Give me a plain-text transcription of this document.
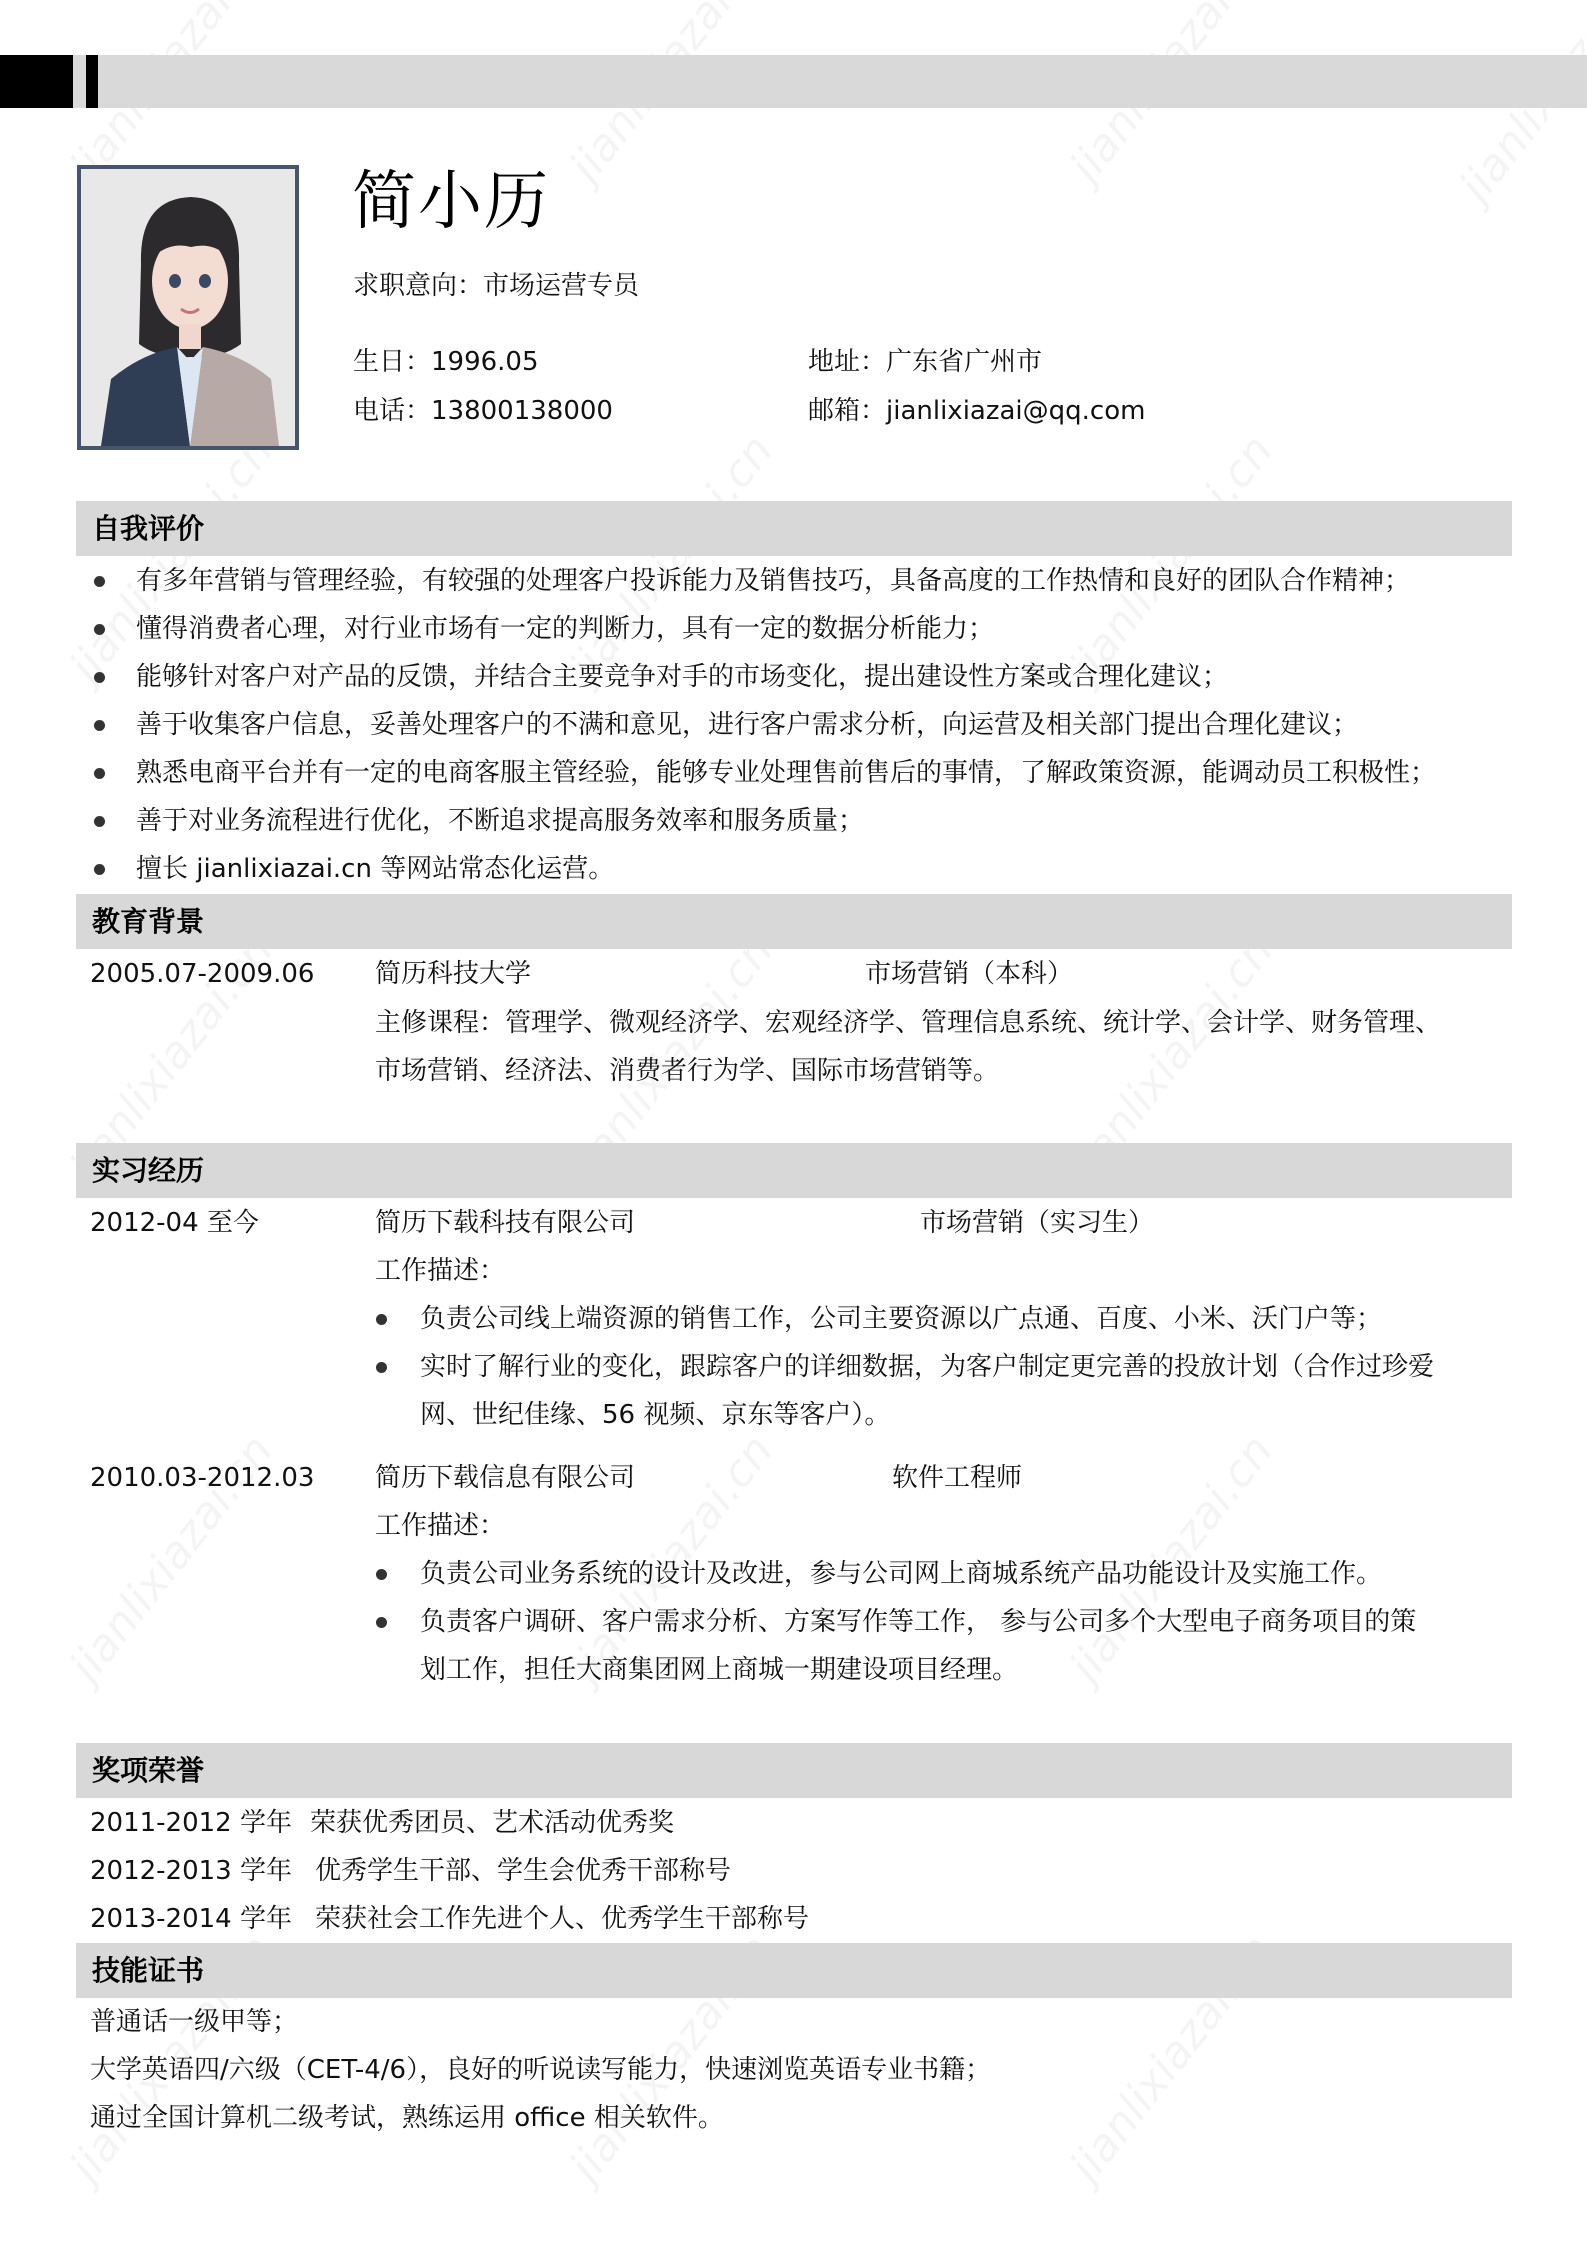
简小历
求职意向：市场运营专员
生日：1996.05	地址：广东省广州市
电话：13800138000	邮箱：jianlixiazai@qq.com
自我评价
有多年营销与管理经验，有较强的处理客户投诉能力及销售技巧，具备高度的工作热情和良好的团队合作精神；
懂得消费者心理，对行业市场有一定的判断力，具有一定的数据分析能力；
能够针对客户对产品的反馈，并结合主要竞争对手的市场变化，提出建设性方案或合理化建议；
善于收集客户信息，妥善处理客户的不满和意见，进行客户需求分析，向运营及相关部门提出合理化建议；
熟悉电商平台并有一定的电商客服主管经验，能够专业处理售前售后的事情，了解政策资源，能调动员工积极性；
善于对业务流程进行优化，不断追求提高服务效率和服务质量；
擅长 jianlixiazai.cn 等网站常态化运营。
教育背景
2005.07-2009.06 简历科技大学	市场营销（本科）
主修课程：管理学、微观经济学、宏观经济学、管理信息系统、统计学、会计学、财务管理、
市场营销、经济法、消费者行为学、国际市场营销等。
实习经历
2012-04 至今	简历下载科技有限公司	市场营销（实习生）
工作描述：
负责公司线上端资源的销售工作，公司主要资源以广点通、百度、小米、沃门户等；
实时了解行业的变化，跟踪客户的详细数据，为客户制定更完善的投放计划（合作过珍爱
网、世纪佳缘、56 视频、京东等客户）。
2010.03-2012.03 简历下载信息有限公司	软件工程师
工作描述：
负责公司业务系统的设计及改进，参与公司网上商城系统产品功能设计及实施工作。
负责客户调研、客户需求分析、方案写作等工作， 参与公司多个大型电子商务项目的策
划工作，担任大商集团网上商城一期建设项目经理。
奖项荣誉
2011-2012 学年 荣获优秀团员、艺术活动优秀奖
2012-2013 学年 优秀学生干部、学生会优秀干部称号
2013-2014 学年 荣获社会工作先进个人、优秀学生干部称号
技能证书
普通话一级甲等；
大学英语四/六级（CET-4/6），良好的听说读写能力，快速浏览英语专业书籍；
通过全国计算机二级考试，熟练运用 office 相关软件。
